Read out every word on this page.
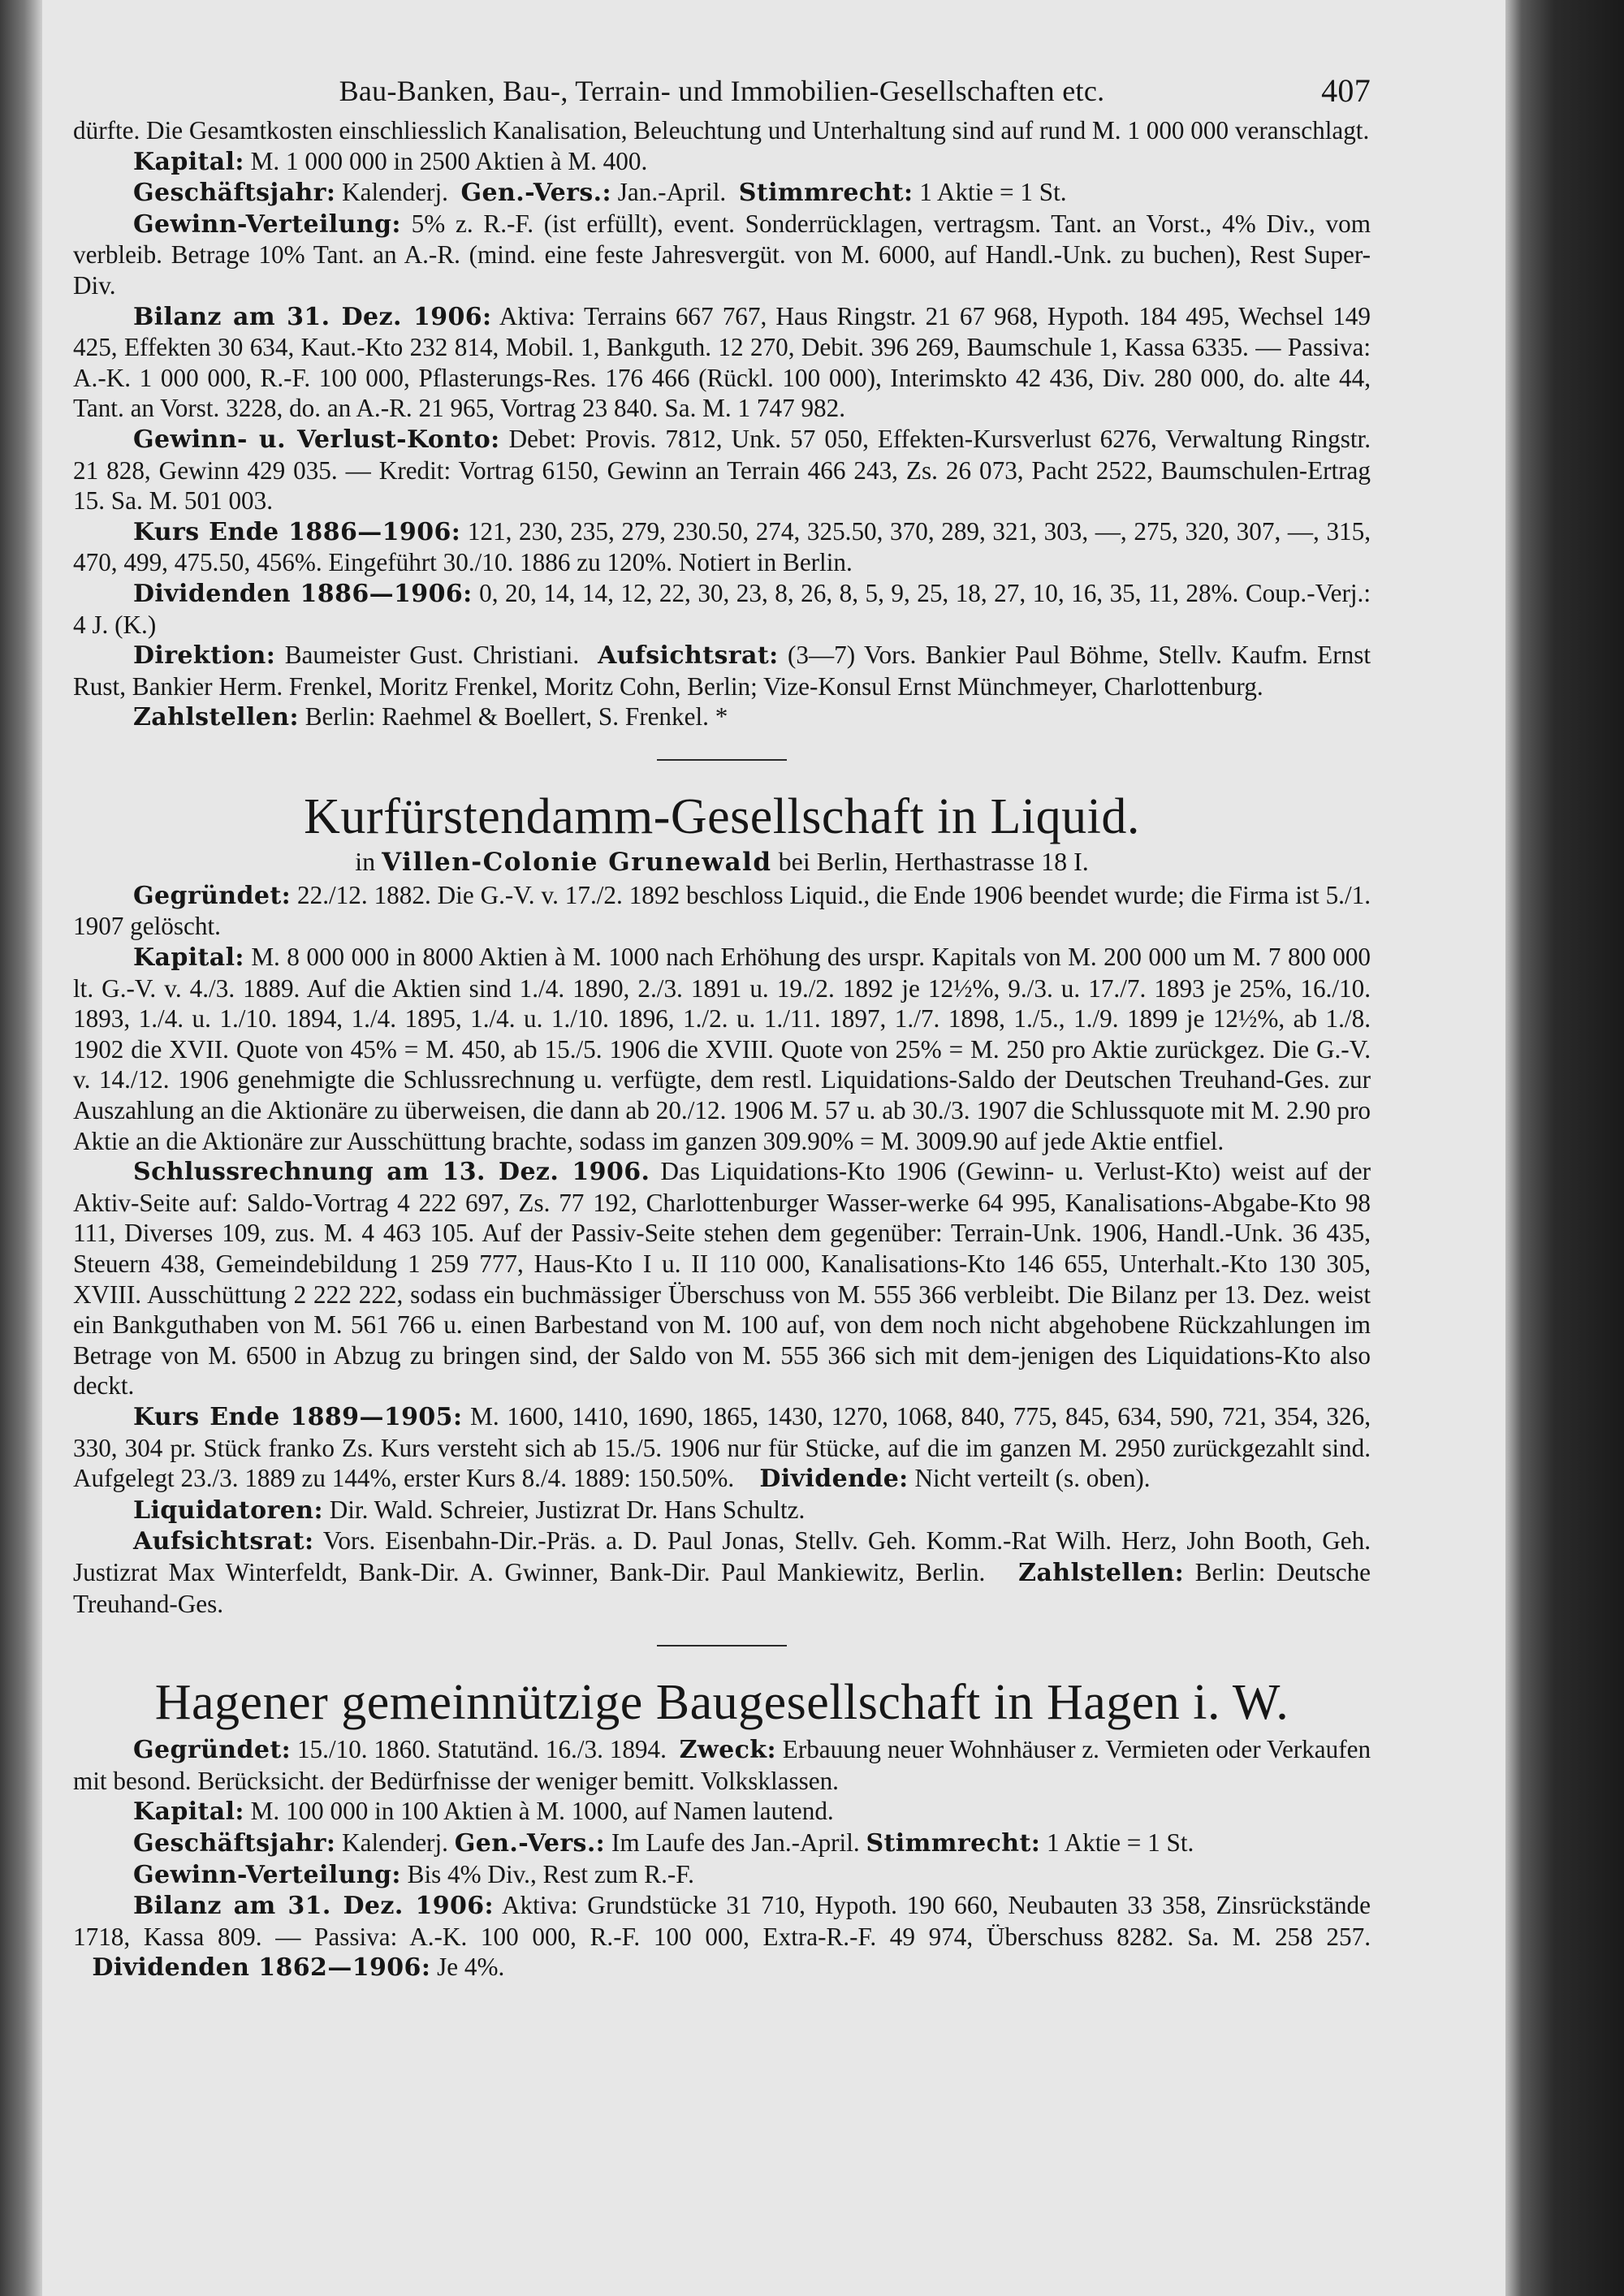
Bau-Banken, Bau-, Terrain- und Immobilien-Gesellschaften etc.	407

dürfte. Die Gesamtkosten einschliesslich Kanalisation, Beleuchtung und Unterhaltung sind auf rund M. 1 000 000 veranschlagt.

Kapital: M. 1 000 000 in 2500 Aktien à M. 400.

Geschäftsjahr: Kalenderj. Gen.-Vers.: Jan.-April. Stimmrecht: 1 Aktie = 1 St.

Gewinn-Verteilung: 5% z. R.-F. (ist erfüllt), event. Sonderrücklagen, vertragsm. Tant. an Vorst., 4% Div., vom verbleib. Betrage 10% Tant. an A.-R. (mind. eine feste Jahresvergüt. von M. 6000, auf Handl.-Unk. zu buchen), Rest Super-Div.

Bilanz am 31. Dez. 1906: Aktiva: Terrains 667 767, Haus Ringstr. 21 67 968, Hypoth. 184 495, Wechsel 149 425, Effekten 30 634, Kaut.-Kto 232 814, Mobil. 1, Bankguth. 12 270, Debit. 396 269, Baumschule 1, Kassa 6335. — Passiva: A.-K. 1 000 000, R.-F. 100 000, Pflasterungs-Res. 176 466 (Rückl. 100 000), Interimskto 42 436, Div. 280 000, do. alte 44, Tant. an Vorst. 3228, do. an A.-R. 21 965, Vortrag 23 840. Sa. M. 1 747 982.

Gewinn- u. Verlust-Konto: Debet: Provis. 7812, Unk. 57 050, Effekten-Kursverlust 6276, Verwaltung Ringstr. 21 828, Gewinn 429 035. — Kredit: Vortrag 6150, Gewinn an Terrain 466 243, Zs. 26 073, Pacht 2522, Baumschulen-Ertrag 15. Sa. M. 501 003.

Kurs Ende 1886—1906: 121, 230, 235, 279, 230.50, 274, 325.50, 370, 289, 321, 303, —, 275, 320, 307, —, 315, 470, 499, 475.50, 456%. Eingeführt 30./10. 1886 zu 120%. Notiert in Berlin.

Dividenden 1886—1906: 0, 20, 14, 14, 12, 22, 30, 23, 8, 26, 8, 5, 9, 25, 18, 27, 10, 16, 35, 11, 28%. Coup.-Verj.: 4 J. (K.)

Direktion: Baumeister Gust. Christiani. Aufsichtsrat: (3—7) Vors. Bankier Paul Böhme, Stellv. Kaufm. Ernst Rust, Bankier Herm. Frenkel, Moritz Frenkel, Moritz Cohn, Berlin; Vize-Konsul Ernst Münchmeyer, Charlottenburg.

Zahlstellen: Berlin: Raehmel & Boellert, S. Frenkel. *

Kurfürstendamm-Gesellschaft in Liquid.
in Villen-Colonie Grunewald bei Berlin, Herthastrasse 18 I.

Gegründet: 22./12. 1882. Die G.-V. v. 17./2. 1892 beschloss Liquid., die Ende 1906 beendet wurde; die Firma ist 5./1. 1907 gelöscht.

Kapital: M. 8 000 000 in 8000 Aktien à M. 1000 nach Erhöhung des urspr. Kapitals von M. 200 000 um M. 7 800 000 lt. G.-V. v. 4./3. 1889. Auf die Aktien sind 1./4. 1890, 2./3. 1891 u. 19./2. 1892 je 12½%, 9./3. u. 17./7. 1893 je 25%, 16./10. 1893, 1./4. u. 1./10. 1894, 1./4. 1895, 1./4. u. 1./10. 1896, 1./2. u. 1./11. 1897, 1./7. 1898, 1./5., 1./9. 1899 je 12½%, ab 1./8. 1902 die XVII. Quote von 45% = M. 450, ab 15./5. 1906 die XVIII. Quote von 25% = M. 250 pro Aktie zurückgez. Die G.-V. v. 14./12. 1906 genehmigte die Schlussrechnung u. verfügte, dem restl. Liquidations-Saldo der Deutschen Treuhand-Ges. zur Auszahlung an die Aktionäre zu überweisen, die dann ab 20./12. 1906 M. 57 u. ab 30./3. 1907 die Schlussquote mit M. 2.90 pro Aktie an die Aktionäre zur Ausschüttung brachte, sodass im ganzen 309.90% = M. 3009.90 auf jede Aktie entfiel.

Schlussrechnung am 13. Dez. 1906. Das Liquidations-Kto 1906 (Gewinn- u. Verlust-Kto) weist auf der Aktiv-Seite auf: Saldo-Vortrag 4 222 697, Zs. 77 192, Charlottenburger Wasser-werke 64 995, Kanalisations-Abgabe-Kto 98 111, Diverses 109, zus. M. 4 463 105. Auf der Passiv-Seite stehen dem gegenüber: Terrain-Unk. 1906, Handl.-Unk. 36 435, Steuern 438, Gemeindebildung 1 259 777, Haus-Kto I u. II 110 000, Kanalisations-Kto 146 655, Unterhalt.-Kto 130 305, XVIII. Ausschüttung 2 222 222, sodass ein buchmässiger Überschuss von M. 555 366 verbleibt. Die Bilanz per 13. Dez. weist ein Bankguthaben von M. 561 766 u. einen Barbestand von M. 100 auf, von dem noch nicht abgehobene Rückzahlungen im Betrage von M. 6500 in Abzug zu bringen sind, der Saldo von M. 555 366 sich mit dem-jenigen des Liquidations-Kto also deckt.

Kurs Ende 1889—1905: M. 1600, 1410, 1690, 1865, 1430, 1270, 1068, 840, 775, 845, 634, 590, 721, 354, 326, 330, 304 pr. Stück franko Zs. Kurs versteht sich ab 15./5. 1906 nur für Stücke, auf die im ganzen M. 2950 zurückgezahlt sind. Aufgelegt 23./3. 1889 zu 144%, erster Kurs 8./4. 1889: 150.50%. Dividende: Nicht verteilt (s. oben).

Liquidatoren: Dir. Wald. Schreier, Justizrat Dr. Hans Schultz.

Aufsichtsrat: Vors. Eisenbahn-Dir.-Präs. a. D. Paul Jonas, Stellv. Geh. Komm.-Rat Wilh. Herz, John Booth, Geh. Justizrat Max Winterfeldt, Bank-Dir. A. Gwinner, Bank-Dir. Paul Mankiewitz, Berlin. Zahlstellen: Berlin: Deutsche Treuhand-Ges.

Hagener gemeinnützige Baugesellschaft in Hagen i. W.

Gegründet: 15./10. 1860. Statutänd. 16./3. 1894. Zweck: Erbauung neuer Wohnhäuser z. Vermieten oder Verkaufen mit besond. Berücksicht. der Bedürfnisse der weniger bemitt. Volksklassen.

Kapital: M. 100 000 in 100 Aktien à M. 1000, auf Namen lautend.

Geschäftsjahr: Kalenderj. Gen.-Vers.: Im Laufe des Jan.-April. Stimmrecht: 1 Aktie = 1 St.

Gewinn-Verteilung: Bis 4% Div., Rest zum R.-F.

Bilanz am 31. Dez. 1906: Aktiva: Grundstücke 31 710, Hypoth. 190 660, Neubauten 33 358, Zinsrückstände 1718, Kassa 809. — Passiva: A.-K. 100 000, R.-F. 100 000, Extra-R.-F. 49 974, Überschuss 8282. Sa. M. 258 257.    Dividenden 1862—1906: Je 4%.
